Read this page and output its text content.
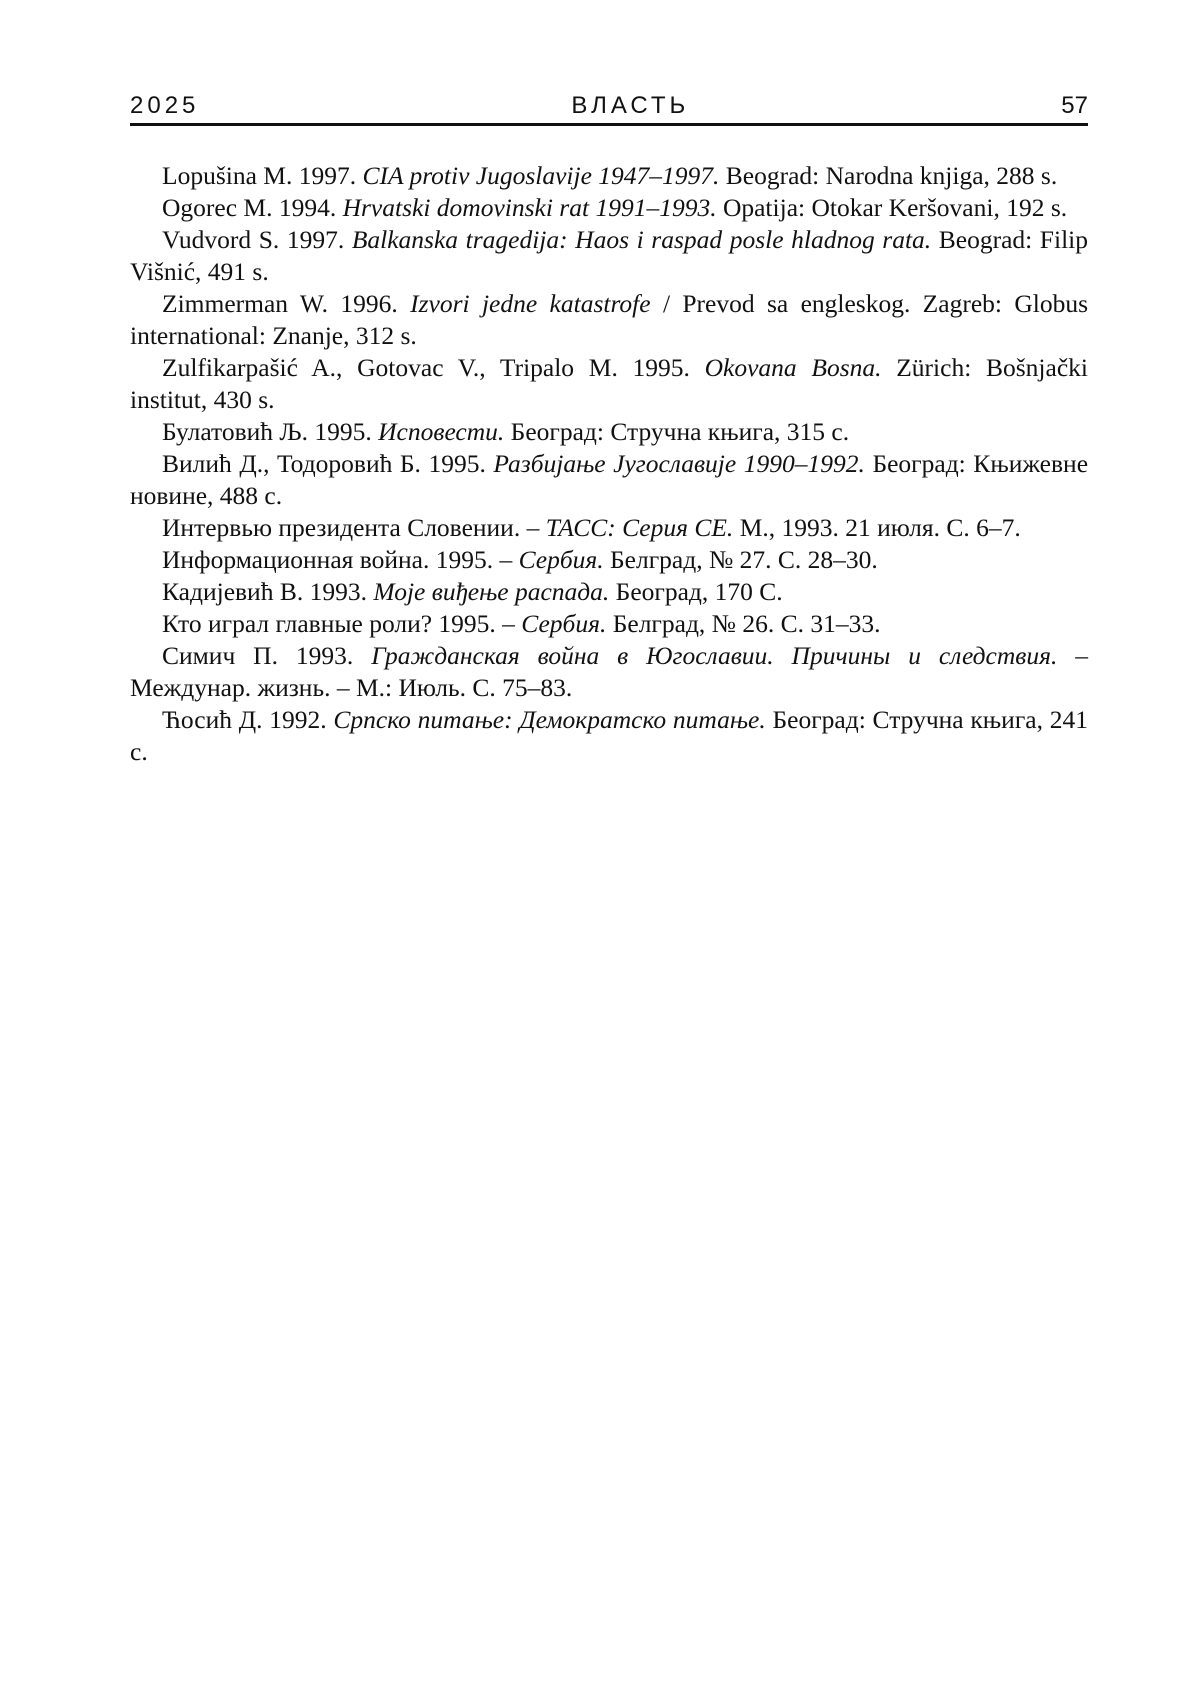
2025	ВЛАСТЬ	57

Lopušina M. 1997. CIA protiv Jugoslavije 1947–1997. Beograd: Narodna knjiga, 288 s.

Ogorec M. 1994. Hrvatski domovinski rat 1991–1993. Opatija: Otokar Keršovani, 192 s.

Vudvord S. 1997. Balkanska tragedija: Haos i raspad posle hladnog rata. Beograd: Filip Višnić, 491 s.

Zimmerman W. 1996. Izvori jedne katastrofe / Prevod sa engleskog. Zagreb: Globus international: Znanje, 312 s.

Zulfikarpašić A., Gotovac V., Tripalo M. 1995. Okovana Bosna. Zürich: Bošnjački institut, 430 s.

Булатовић Љ. 1995. Исповести. Београд: Стручна књига, 315 с.

Вилић Д., Тодоровић Б. 1995. Разбијање Југославије 1990–1992. Београд: Књижевне новине, 488 с.

Интервью президента Словении. – ТАСС: Серия СЕ. М., 1993. 21 июля. С. 6–7.

Информационная война. 1995. – Сербия. Белград, № 27. С. 28–30.

Кадијевић В. 1993. Моје виђење распада. Београд, 170 С.

Кто играл главные роли? 1995. – Сербия. Белград, № 26. С. 31–33.

Симич П. 1993. Гражданская война в Югославии. Причины и следствия. – Междунар. жизнь. – М.: Июль. С. 75–83.

Ћосић Д. 1992. Српско питање: Демократско питање. Београд: Стручна књига, 241 с.
